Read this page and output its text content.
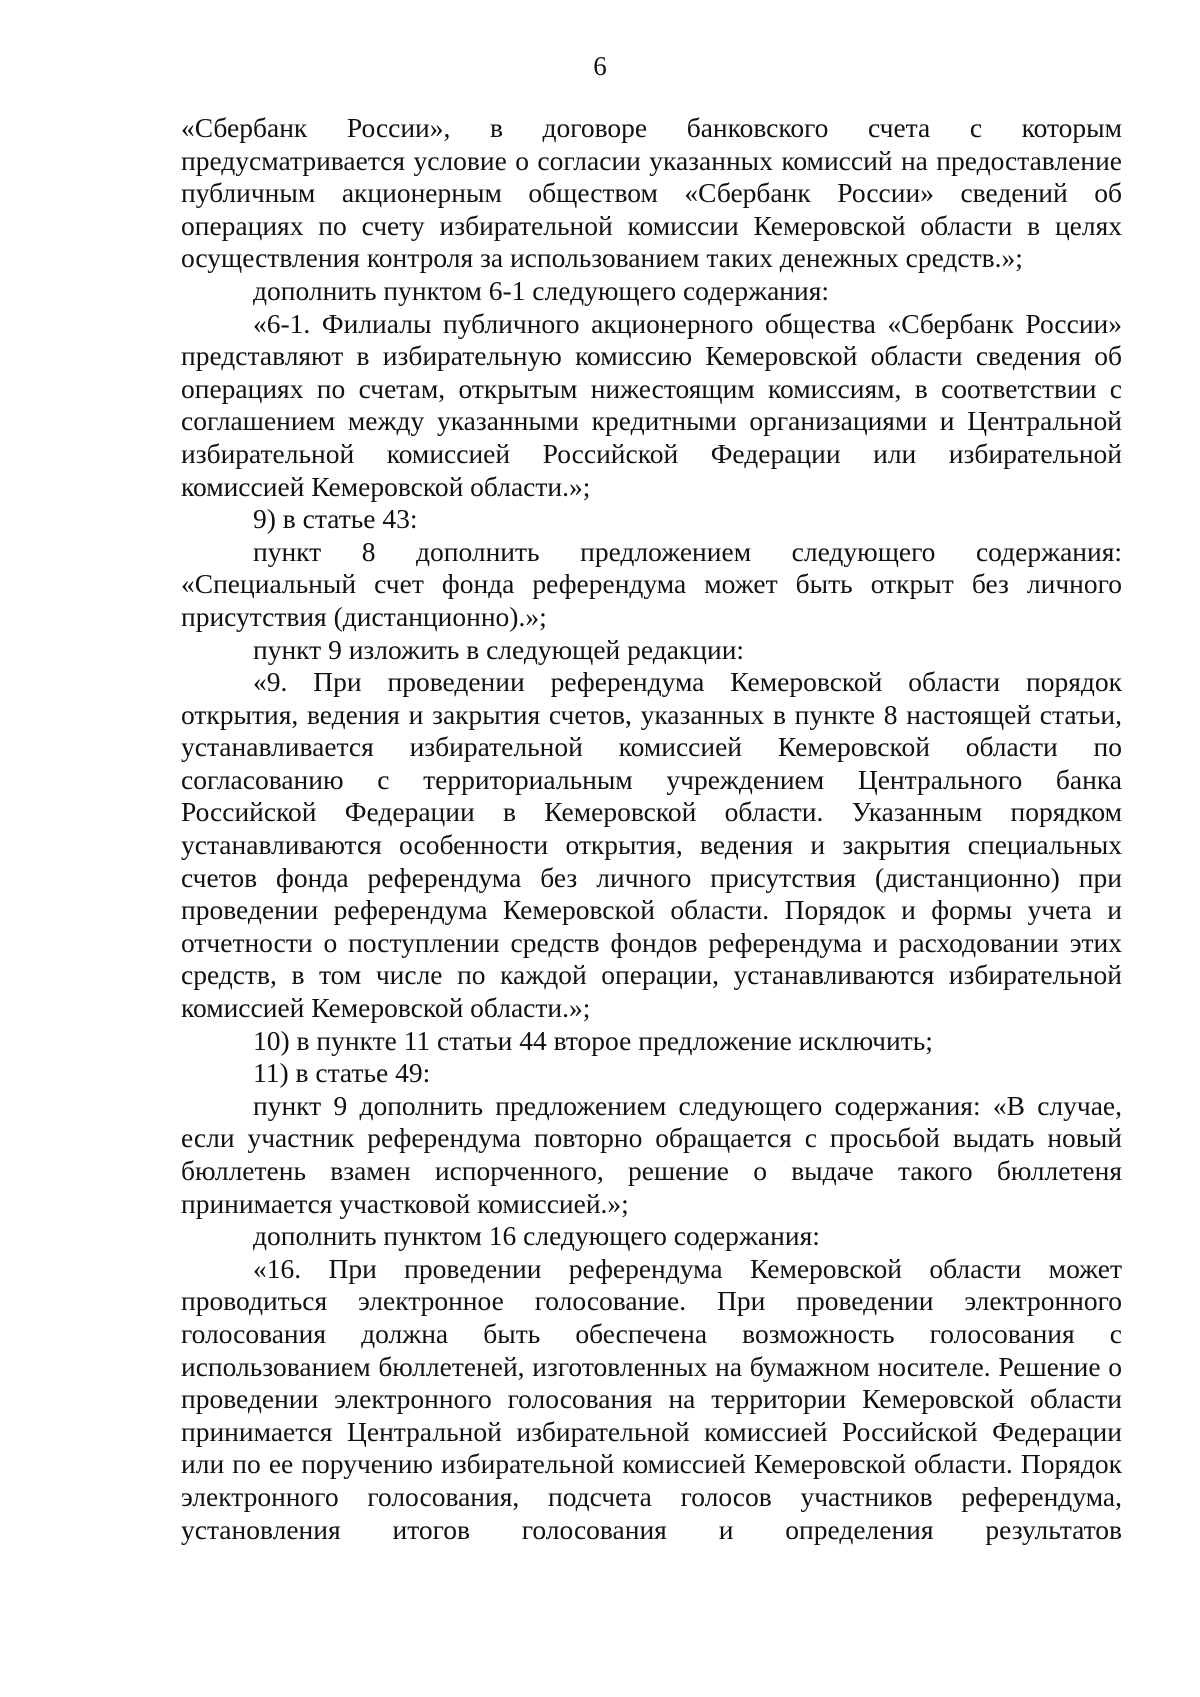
6

«Сбербанк России», в договоре банковского счета с которым предусматривается условие о согласии указанных комиссий на предоставление публичным акционерным обществом «Сбербанк России» сведений об операциях по счету избирательной комиссии Кемеровской области в целях осуществления контроля за использованием таких денежных средств.»;

дополнить пунктом 6-1 следующего содержания:

«6-1. Филиалы публичного акционерного общества «Сбербанк России» представляют в избирательную комиссию Кемеровской области сведения об операциях по счетам, открытым нижестоящим комиссиям, в соответствии с соглашением между указанными кредитными организациями и Центральной избирательной комиссией Российской Федерации или избирательной комиссией Кемеровской области.»;

9) в статье 43:

пункт 8 дополнить предложением следующего содержания: «Специальный счет фонда референдума может быть открыт без личного присутствия (дистанционно).»;

пункт 9 изложить в следующей редакции:

«9. При проведении референдума Кемеровской области порядок открытия, ведения и закрытия счетов, указанных в пункте 8 настоящей статьи, устанавливается избирательной комиссией Кемеровской области по согласованию с территориальным учреждением Центрального банка Российской Федерации в Кемеровской области. Указанным порядком устанавливаются особенности открытия, ведения и закрытия специальных счетов фонда референдума без личного присутствия (дистанционно) при проведении референдума Кемеровской области. Порядок и формы учета и отчетности о поступлении средств фондов референдума и расходовании этих средств, в том числе по каждой операции, устанавливаются избирательной комиссией Кемеровской области.»;

10) в пункте 11 статьи 44 второе предложение исключить;

11) в статье 49:

пункт 9 дополнить предложением следующего содержания: «В случае, если участник референдума повторно обращается с просьбой выдать новый бюллетень взамен испорченного, решение о выдаче такого бюллетеня принимается участковой комиссией.»;

дополнить пунктом 16 следующего содержания:

«16. При проведении референдума Кемеровской области может проводиться электронное голосование. При проведении электронного голосования должна быть обеспечена возможность голосования с использованием бюллетеней, изготовленных на бумажном носителе. Решение о проведении электронного голосования на территории Кемеровской области принимается Центральной избирательной комиссией Российской Федерации или по ее поручению избирательной комиссией Кемеровской области. Порядок электронного голосования, подсчета голосов участников референдума, установления итогов голосования и определения результатов
